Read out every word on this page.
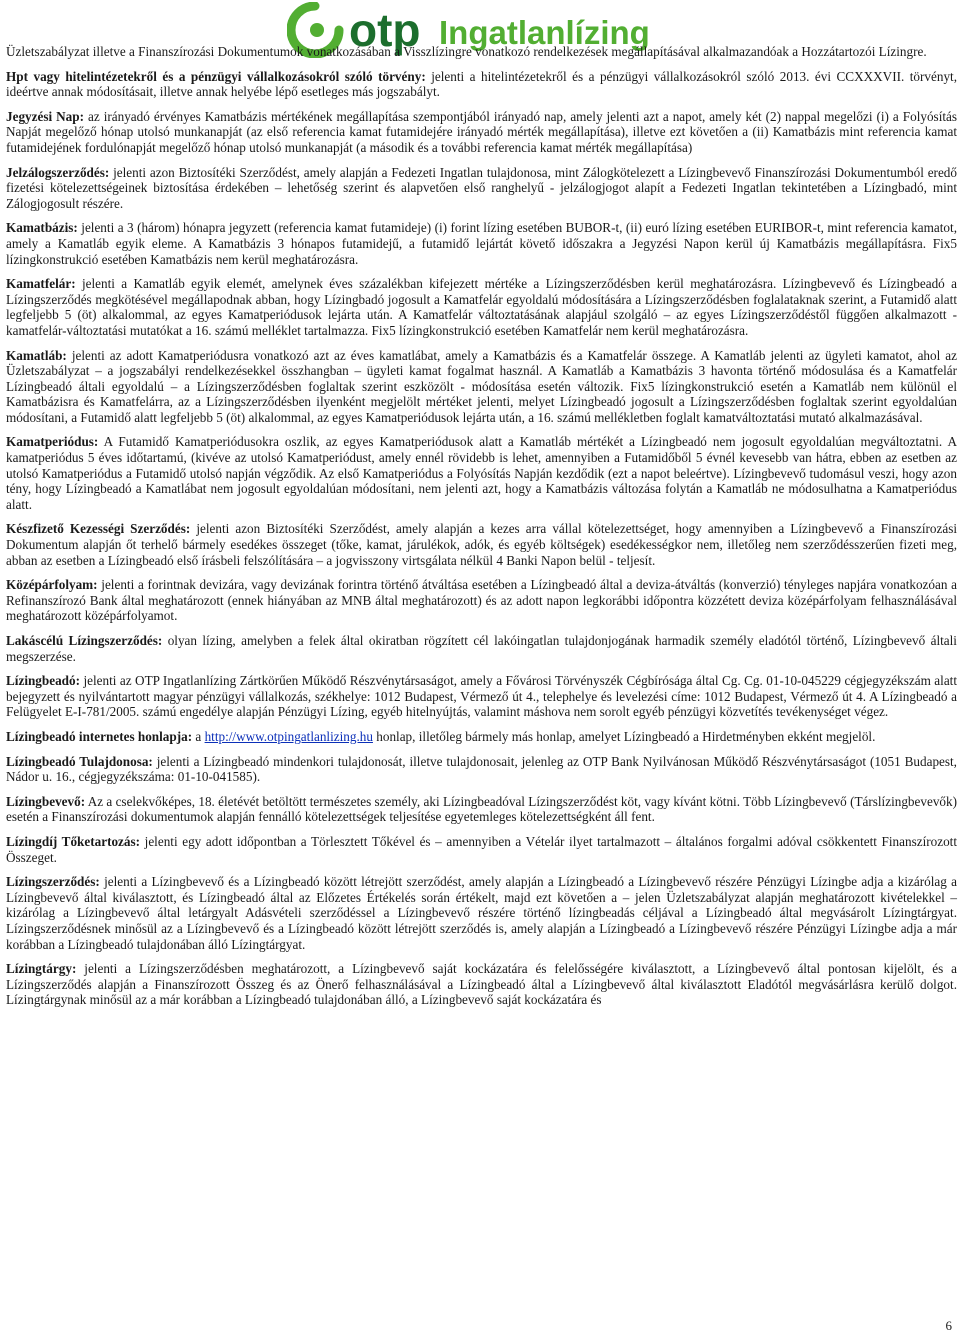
otp Ingatlanlízing

Üzletszabályzat illetve a Finanszírozási Dokumentumok vonatkozásában a Visszlízingre vonatkozó rendelkezések megállapításával alkalmazandóak a Hozzátartozói Lízingre.

Hpt vagy hitelintézetekről és a pénzügyi vállalkozásokról szóló törvény: jelenti a hitelintézetekről és a pénzügyi vállalkozásokról szóló 2013. évi CCXXXVII. törvényt, ideértve annak módosításait, illetve annak helyébe lépő esetleges más jogszabályt.

Jegyzési Nap: az irányadó érvényes Kamatbázis mértékének megállapítása szempontjából irányadó nap, amely jelenti azt a napot, amely két (2) nappal megelőzi (i) a Folyósítás Napját megelőző hónap utolsó munkanapját (az első referencia kamat futamidejére irányadó mérték megállapítása), illetve ezt követően a (ii) Kamatbázis mint referencia kamat futamidejének fordulónapját megelőző hónap utolsó munkanapját (a második és a további referencia kamat mérték megállapítása)

Jelzálogszerződés: jelenti azon Biztosítéki Szerződést, amely alapján a Fedezeti Ingatlan tulajdonosa, mint Zálogkötelezett a Lízingbevevő Finanszírozási Dokumentumból eredő fizetési kötelezettségeinek biztosítása érdekében – lehetőség szerint és alapvetően első ranghelyű - jelzálogjogot alapít a Fedezeti Ingatlan tekintetében a Lízingbadó, mint Zálogjogosult részére.

Kamatbázis: jelenti a 3 (három) hónapra jegyzett (referencia kamat futamideje) (i) forint lízing esetében BUBOR-t, (ii) euró lízing esetében EURIBOR-t, mint referencia kamatot, amely a Kamatláb egyik eleme. A Kamatbázis 3 hónapos futamidejű, a futamidő lejártát követő időszakra a Jegyzési Napon kerül új Kamatbázis megállapításra. Fix5 lízingkonstrukció esetében Kamatbázis nem kerül meghatározásra.

Kamatfelár: jelenti a Kamatláb egyik elemét, amelynek éves százalékban kifejezett mértéke a Lízingszerződésben kerül meghatározásra. Lízingbevevő és Lízingbeadó a Lízingszerződés megkötésével megállapodnak abban, hogy Lízingbadó jogosult a Kamatfelár egyoldalú módosítására a Lízingszerződésben foglalataknak szerint, a Futamidő alatt legfeljebb 5 (öt) alkalommal, az egyes Kamatperiódusok lejárta után. A Kamatfelár változtatásának alapjául szolgáló – az egyes Lízingszerződéstől függően alkalmazott - kamatfelár-változtatási mutatókat a 16. számú melléklet tartalmazza. Fix5 lízingkonstrukció esetében Kamatfelár nem kerül meghatározásra.

Kamatláb: jelenti az adott Kamatperiódusra vonatkozó azt az éves kamatlábat, amely a Kamatbázis és a Kamatfelár összege. A Kamatláb jelenti az ügyleti kamatot, ahol az Üzletszabályzat – a jogszabályi rendelkezésekkel összhangban – ügyleti kamat fogalmat használ. A Kamatláb a Kamatbázis 3 havonta történő módosulása és a Kamatfelár Lízingbeadó általi egyoldalú – a Lízingszerződésben foglaltak szerint eszközölt - módosítása esetén változik. Fix5 lízingkonstrukció esetén a Kamatláb nem különül el Kamatbázisra és Kamatfelárra, az a Lízingszerződésben ilyenként megjelölt mértéket jelenti, melyet Lízingbeadó jogosult a Lízingszerződésben foglaltak szerint egyoldalúan módosítani, a Futamidő alatt legfeljebb 5 (öt) alkalommal, az egyes Kamatperiódusok lejárta után, a 16. számú mellékletben foglalt kamatváltoztatási mutató alkalmazásával.

Kamatperiódus: A Futamidő Kamatperiódusokra oszlik, az egyes Kamatperiódusok alatt a Kamatláb mértékét a Lízingbeadó nem jogosult egyoldalúan megváltoztatni. A kamatperiódus 5 éves időtartamú, (kivéve az utolsó Kamatperiódust, amely ennél rövidebb is lehet, amennyiben a Futamidőből 5 évnél kevesebb van hátra, ebben az esetben az utolsó Kamatperiódus a Futamidő utolsó napján végződik. Az első Kamatperiódus a Folyósítás Napján kezdődik (ezt a napot beleértve). Lízingbevevő tudomásul veszi, hogy azon tény, hogy Lízingbeadó a Kamatlábat nem jogosult egyoldalúan módosítani, nem jelenti azt, hogy a Kamatbázis változása folytán a Kamatláb ne módosulhatna a Kamatperiódus alatt.

Készfizető Kezességi Szerződés: jelenti azon Biztosítéki Szerződést, amely alapján a kezes arra vállal kötelezettséget, hogy amennyiben a Lízingbevevő a Finanszírozási Dokumentum alapján őt terhelő bármely esedékes összeget (tőke, kamat, járulékok, adók, és egyéb költségek) esedékességkor nem, illetőleg nem szerződésszerűen fizeti meg, abban az esetben a Lízingbeadó első írásbeli felszólítására – a jogvisszony virtsgálata nélkül 4 Banki Napon belül - teljesít.

Középárfolyam: jelenti a forintnak devizára, vagy devizának forintra történő átváltása esetében a Lízingbeadó által a deviza-átváltás (konverzió) tényleges napjára vonatkozóan a Refinanszírozó Bank által meghatározott (ennek hiányában az MNB által meghatározott) és az adott napon legkorábbi időpontra közzétett deviza középárfolyam felhasználásával meghatározott középárfolyamot.

Lakáscélú Lízingszerződés: olyan lízing, amelyben a felek által okiratban rögzített cél lakóingatlan tulajdonjogának harmadik személy eladótól történő, Lízingbevevő általi megszerzése.

Lízingbeadó: jelenti az OTP Ingatlanlízing Zártkörűen Működő Részvénytársaságot, amely a Fővárosi Törvényszék Cégbírósága által Cg. Cg. 01-10-045229 cégjegyzékszám alatt bejegyzett és nyilvántartott magyar pénzügyi vállalkozás, székhelye: 1012 Budapest, Vérmező út 4., telephelye és levelezési címe: 1012 Budapest, Vérmező út 4. A Lízingbeadó a Felügyelet E-I-781/2005. számú engedélye alapján Pénzügyi Lízing, egyéb hitelnyújtás, valamint máshova nem sorolt egyéb pénzügyi közvetítés tevékenységet végez.

Lízingbeadó internetes honlapja: a http://www.otpingatlanlizing.hu honlap, illetőleg bármely más honlap, amelyet Lízingbeadó a Hirdetményben ekként megjelöl.

Lízingbeadó Tulajdonosa: jelenti a Lízingbeadó mindenkori tulajdonosát, illetve tulajdonosait, jelenleg az OTP Bank Nyilvánosan Működő Részvénytársaságot (1051 Budapest, Nádor u. 16., cégjegyzékszáma: 01-10-041585).

Lízingbevevő: Az a cselekvőképes, 18. életévét betöltött természetes személy, aki Lízingbeadóval Lízingszerződést köt, vagy kívánt kötni. Több Lízingbevevő (Társlízingbevevők) esetén a Finanszírozási dokumentumok alapján fennálló kötelezettségek teljesítése egyetemleges kötelezettségként áll fent.

Lízingdíj Tőketartozás: jelenti egy adott időpontban a Törlesztett Tőkével és – amennyiben a Vételár ilyet tartalmazott – általános forgalmi adóval csökkentett Finanszírozott Összeget.

Lízingszerződés: jelenti a Lízingbevevő és a Lízingbeadó között létrejött szerződést, amely alapján a Lízingbeadó a Lízingbevevő részére Pénzügyi Lízingbe adja a kizárólag a Lízingbevevő által kiválasztott, és Lízingbeadó által az Előzetes Értékelés során értékelt, majd ezt követően a – jelen Üzletszabályzat alapján meghatározott kivételekkel – kizárólag a Lízingbevevő által letárgyalt Adásvételi szerződéssel a Lízingbevevő részére történő lízingbeadás céljával a Lízingbeadó által megvásárolt Lízingtárgyat. Lízingszerződésnek minősül az a Lízingbevevő és a Lízingbeadó között létrejött szerződés is, amely alapján a Lízingbeadó a Lízingbevevő részére Pénzügyi Lízingbe adja a már korábban a Lízingbeadó tulajdonában álló Lízingtárgyat.

Lízingtárgy: jelenti a Lízingszerződésben meghatározott, a Lízingbevevő saját kockázatára és felelősségére kiválasztott, a Lízingbevevő által pontosan kijelölt, és a Lízingszerződés alapján a Finanszírozott Összeg és az Önerő felhasználásával a Lízingbeadó által a Lízingbevevő által kiválasztott Eladótól megvásárlásra kerülő dolgot. Lízingtárgynak minősül az a már korábban a Lízingbeadó tulajdonában álló, a Lízingbevevő saját kockázatára és

6
